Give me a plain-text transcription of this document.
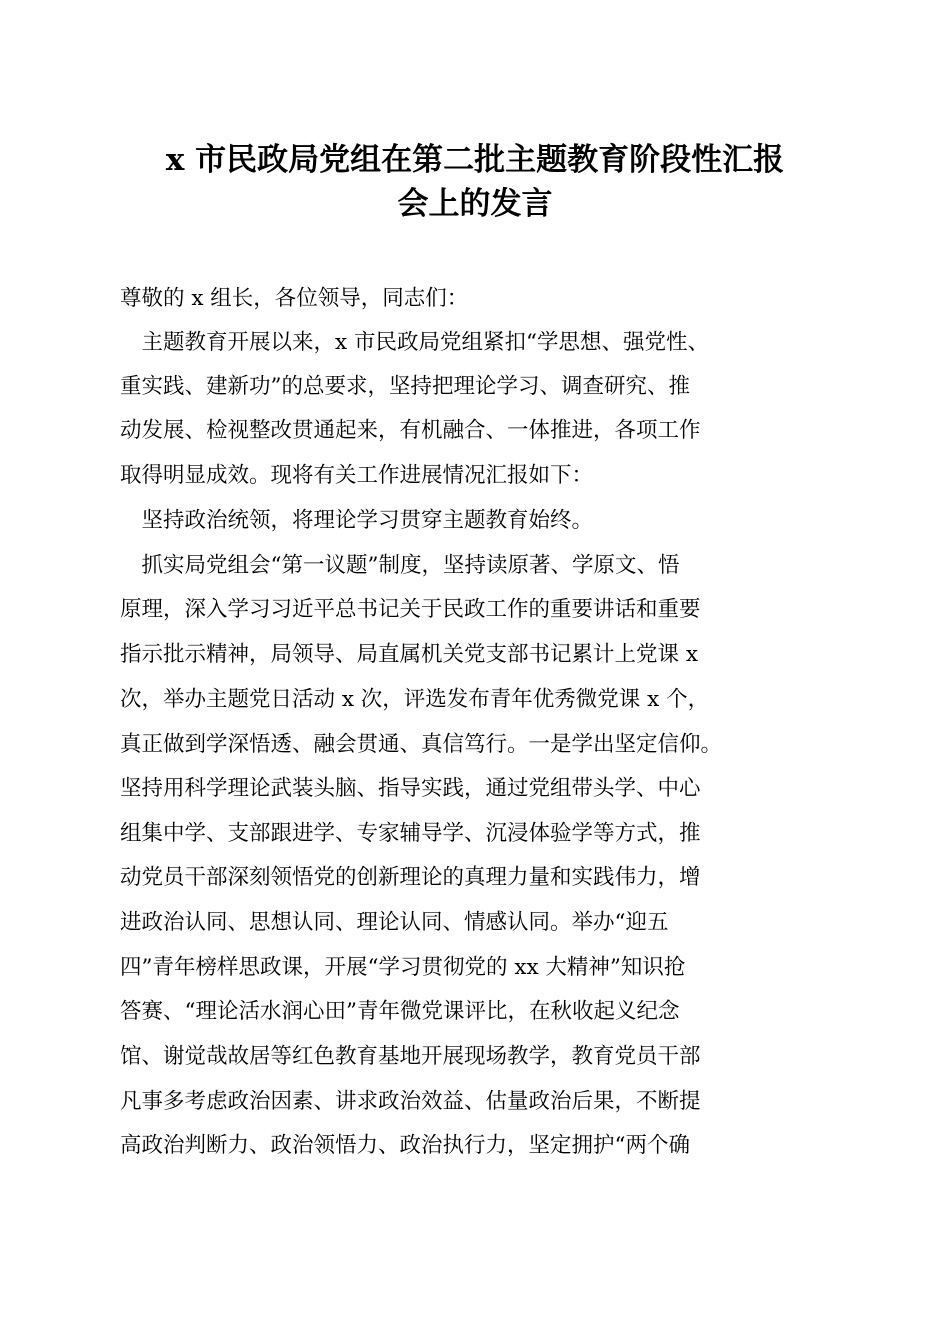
x 市民政局党组在第二批主题教育阶段性汇报
会上的发言

尊敬的 x 组长，各位领导，同志们：

　主题教育开展以来，x 市民政局党组紧扣“学思想、强党性、

重实践、建新功”的总要求，坚持把理论学习、调查研究、推

动发展、检视整改贯通起来，有机融合、一体推进，各项工作

取得明显成效。现将有关工作进展情况汇报如下：

　坚持政治统领，将理论学习贯穿主题教育始终。

　抓实局党组会“第一议题”制度，坚持读原著、学原文、悟

原理，深入学习习近平总书记关于民政工作的重要讲话和重要

指示批示精神，局领导、局直属机关党支部书记累计上党课 x

次，举办主题党日活动 x 次，评选发布青年优秀微党课 x 个，

真正做到学深悟透、融会贯通、真信笃行。一是学出坚定信仰。

坚持用科学理论武装头脑、指导实践，通过党组带头学、中心

组集中学、支部跟进学、专家辅导学、沉浸体验学等方式，推

动党员干部深刻领悟党的创新理论的真理力量和实践伟力，增

进政治认同、思想认同、理论认同、情感认同。举办“迎五

四”青年榜样思政课，开展“学习贯彻党的 xx 大精神”知识抢

答赛、“理论活水润心田”青年微党课评比，在秋收起义纪念

馆、谢觉哉故居等红色教育基地开展现场教学，教育党员干部

凡事多考虑政治因素、讲求政治效益、估量政治后果，不断提

高政治判断力、政治领悟力、政治执行力，坚定拥护“两个确
